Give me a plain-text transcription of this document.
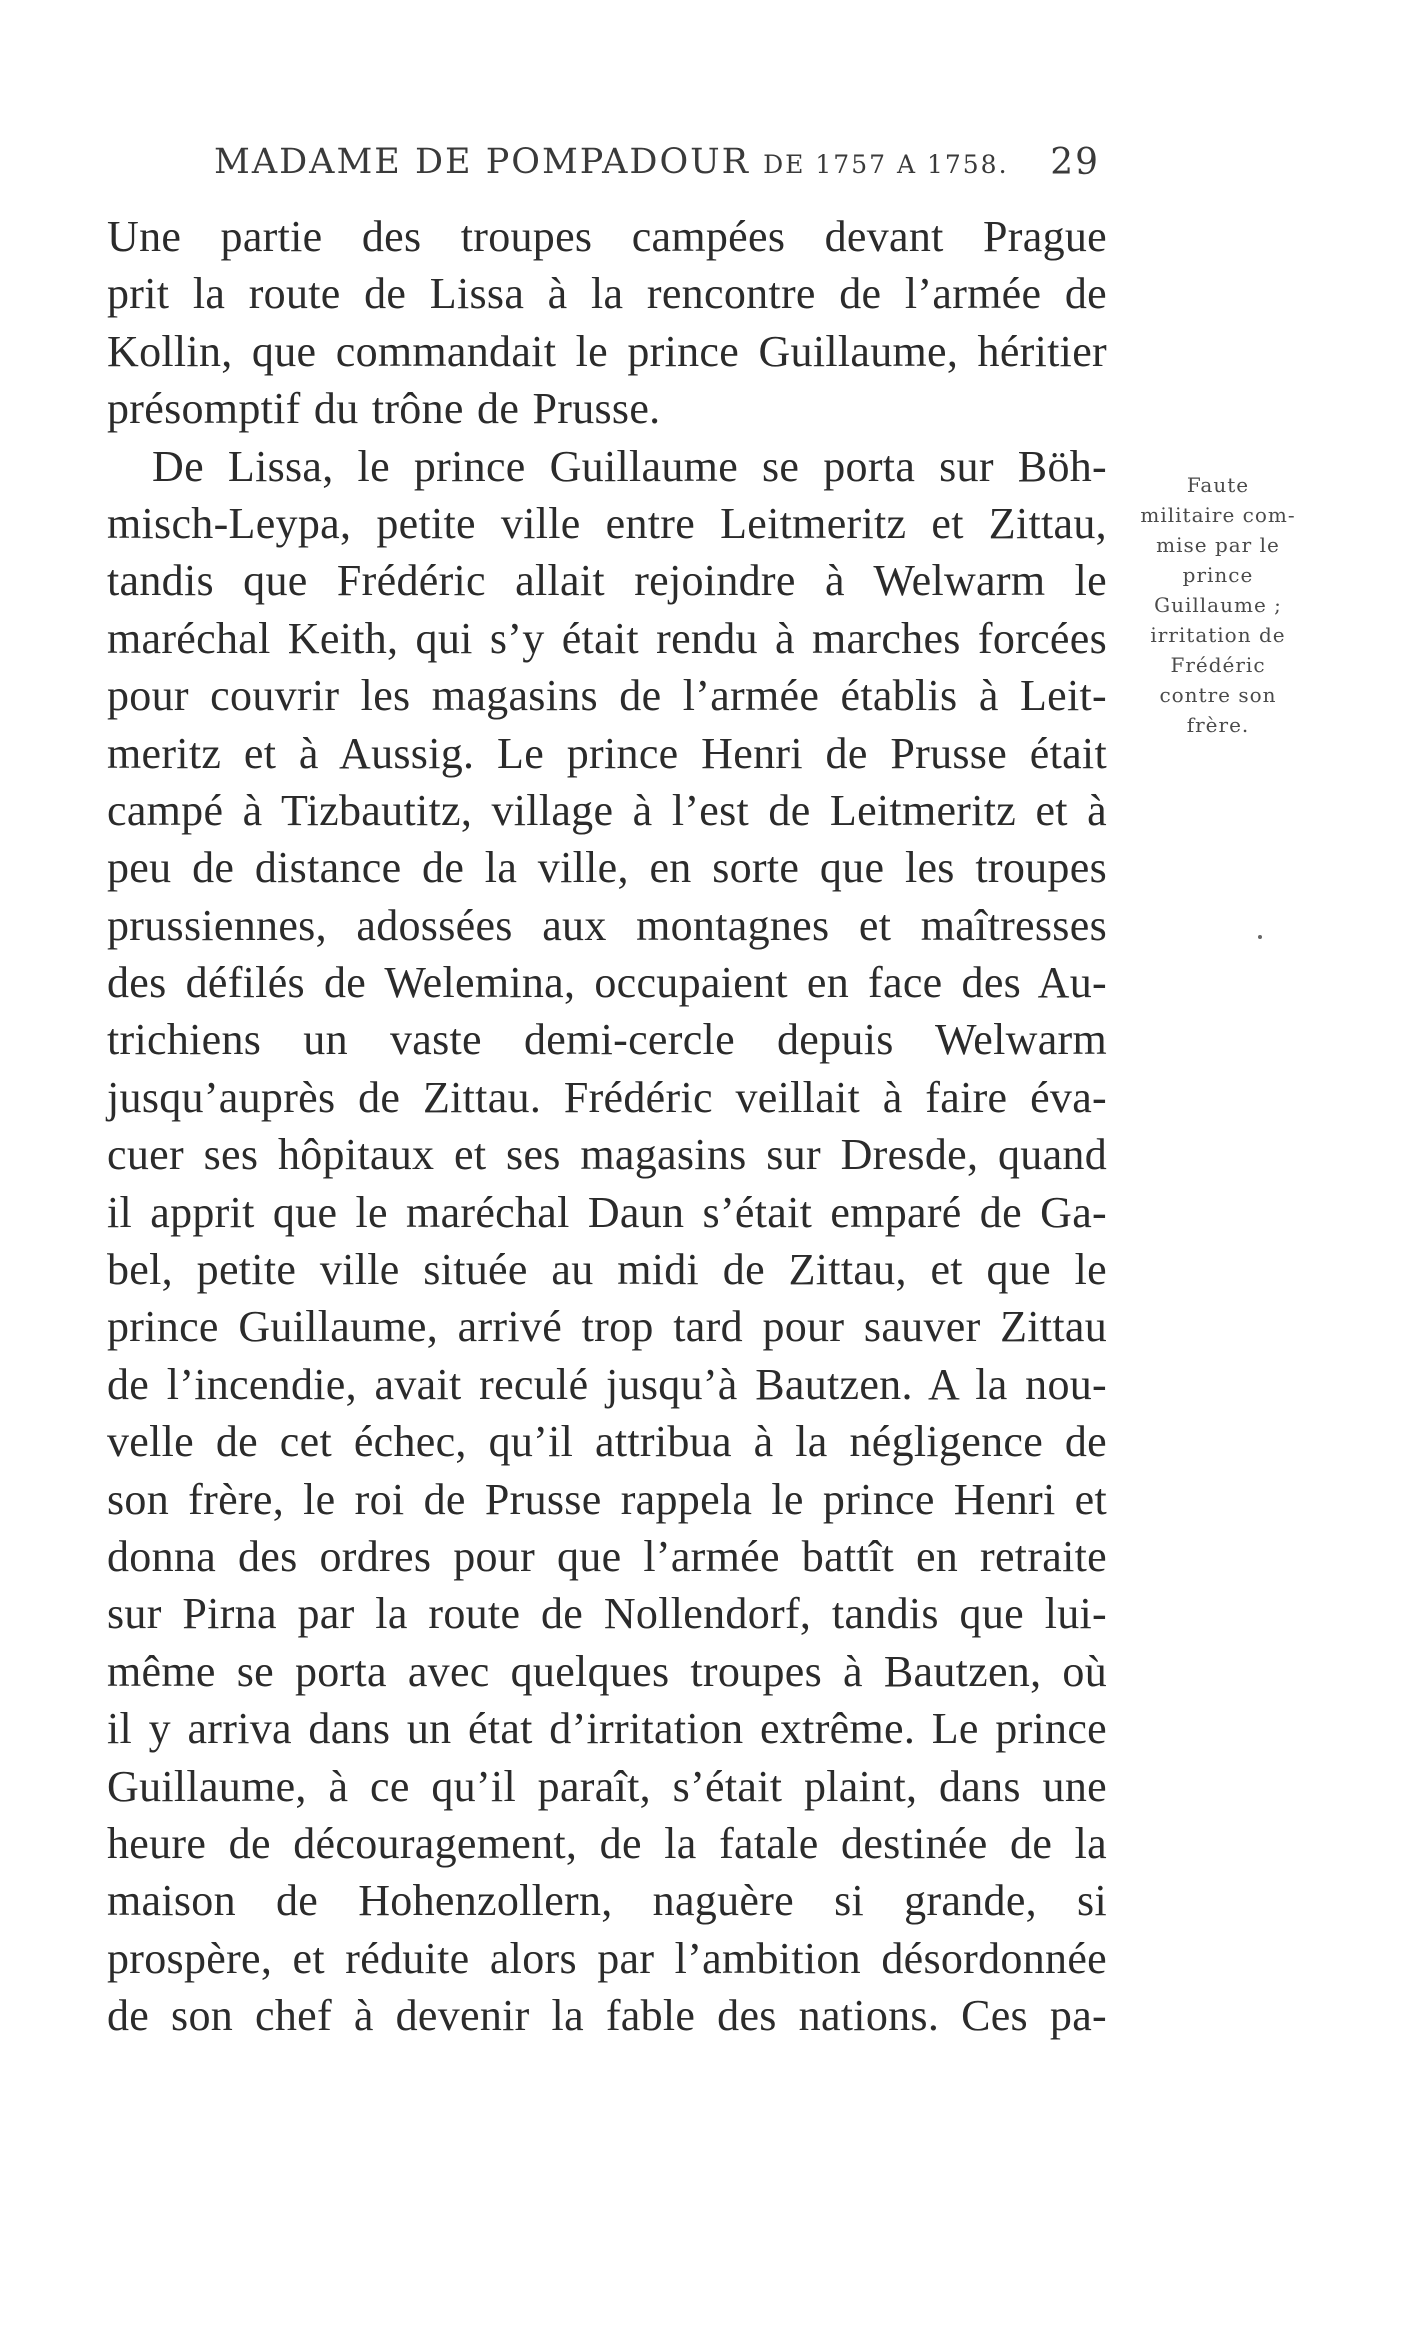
MADAME DE POMPADOUR DE 1757 A 1758. 29
Une partie des troupes campées devant Prague
prit la route de Lissa à la rencontre de l’armée de
Kollin, que commandait le prince Guillaume, héritier
présomptif du trône de Prusse.
De Lissa, le prince Guillaume se porta sur Böh-
misch-Leypa, petite ville entre Leitmeritz et Zittau,
tandis que Frédéric allait rejoindre à Welwarm le
maréchal Keith, qui s’y était rendu à marches forcées
pour couvrir les magasins de l’armée établis à Leit-
meritz et à Aussig. Le prince Henri de Prusse était
campé à Tizbautitz, village à l’est de Leitmeritz et à
peu de distance de la ville, en sorte que les troupes
prussiennes, adossées aux montagnes et maîtresses
des défilés de Welemina, occupaient en face des Au-
trichiens un vaste demi-cercle depuis Welwarm
jusqu’auprès de Zittau. Frédéric veillait à faire éva-
cuer ses hôpitaux et ses magasins sur Dresde, quand
il apprit que le maréchal Daun s’était emparé de Ga-
bel, petite ville située au midi de Zittau, et que le
prince Guillaume, arrivé trop tard pour sauver Zittau
de l’incendie, avait reculé jusqu’à Bautzen. A la nou-
velle de cet échec, qu’il attribua à la négligence de
son frère, le roi de Prusse rappela le prince Henri et
donna des ordres pour que l’armée battît en retraite
sur Pirna par la route de Nollendorf, tandis que lui-
même se porta avec quelques troupes à Bautzen, où
il y arriva dans un état d’irritation extrême. Le prince
Guillaume, à ce qu’il paraît, s’était plaint, dans une
heure de découragement, de la fatale destinée de la
maison de Hohenzollern, naguère si grande, si
prospère, et réduite alors par l’ambition désordonnée
de son chef à devenir la fable des nations. Ces pa-
Faute
militaire com-
mise par le
prince
Guillaume ;
irritation de
Frédéric
contre son
frère.
